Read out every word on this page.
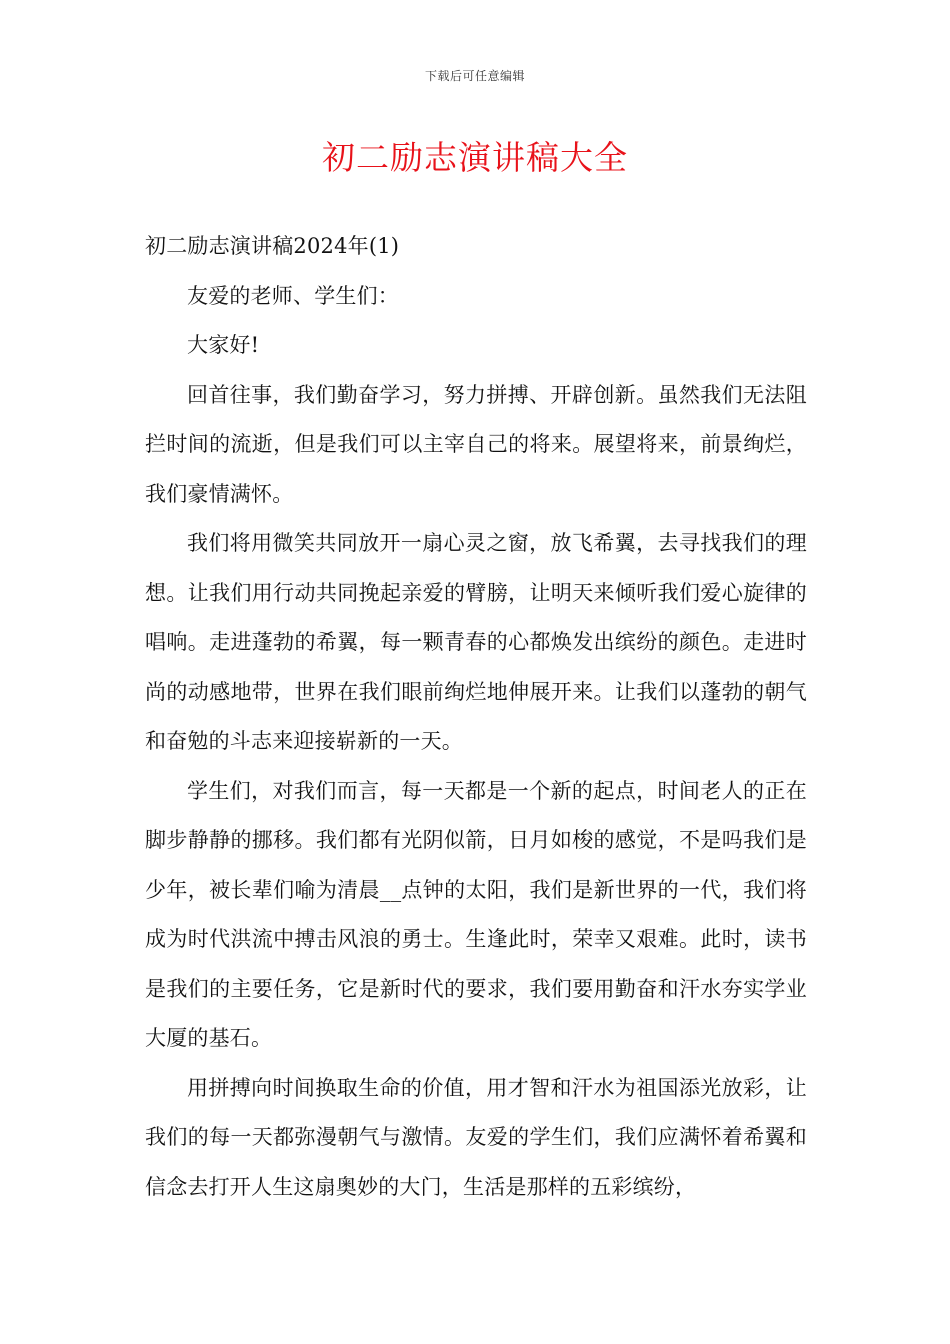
下载后可任意编辑
初二励志演讲稿大全

初二励志演讲稿2024年(1)

友爱的老师、学生们：

大家好!

回首往事，我们勤奋学习，努力拼搏、开辟创新。虽然我们无法阻拦时间的流逝，但是我们可以主宰自己的将来。展望将来，前景绚烂，我们豪情满怀。

我们将用微笑共同放开一扇心灵之窗，放飞希翼，去寻找我们的理想。让我们用行动共同挽起亲爱的臂膀，让明天来倾听我们爱心旋律的唱响。走进蓬勃的希翼，每一颗青春的心都焕发出缤纷的颜色。走进时尚的动感地带，世界在我们眼前绚烂地伸展开来。让我们以蓬勃的朝气和奋勉的斗志来迎接崭新的一天。

学生们，对我们而言，每一天都是一个新的起点，时间老人的正在脚步静静的挪移。我们都有光阴似箭，日月如梭的感觉，不是吗我们是少年，被长辈们喻为清晨__点钟的太阳，我们是新世界的一代，我们将成为时代洪流中搏击风浪的勇士。生逢此时，荣幸又艰难。此时，读书是我们的主要任务，它是新时代的要求，我们要用勤奋和汗水夯实学业大厦的基石。

用拼搏向时间换取生命的价值，用才智和汗水为祖国添光放彩，让我们的每一天都弥漫朝气与激情。友爱的学生们，我们应满怀着希翼和信念去打开人生这扇奥妙的大门，生活是那样的五彩缤纷，
